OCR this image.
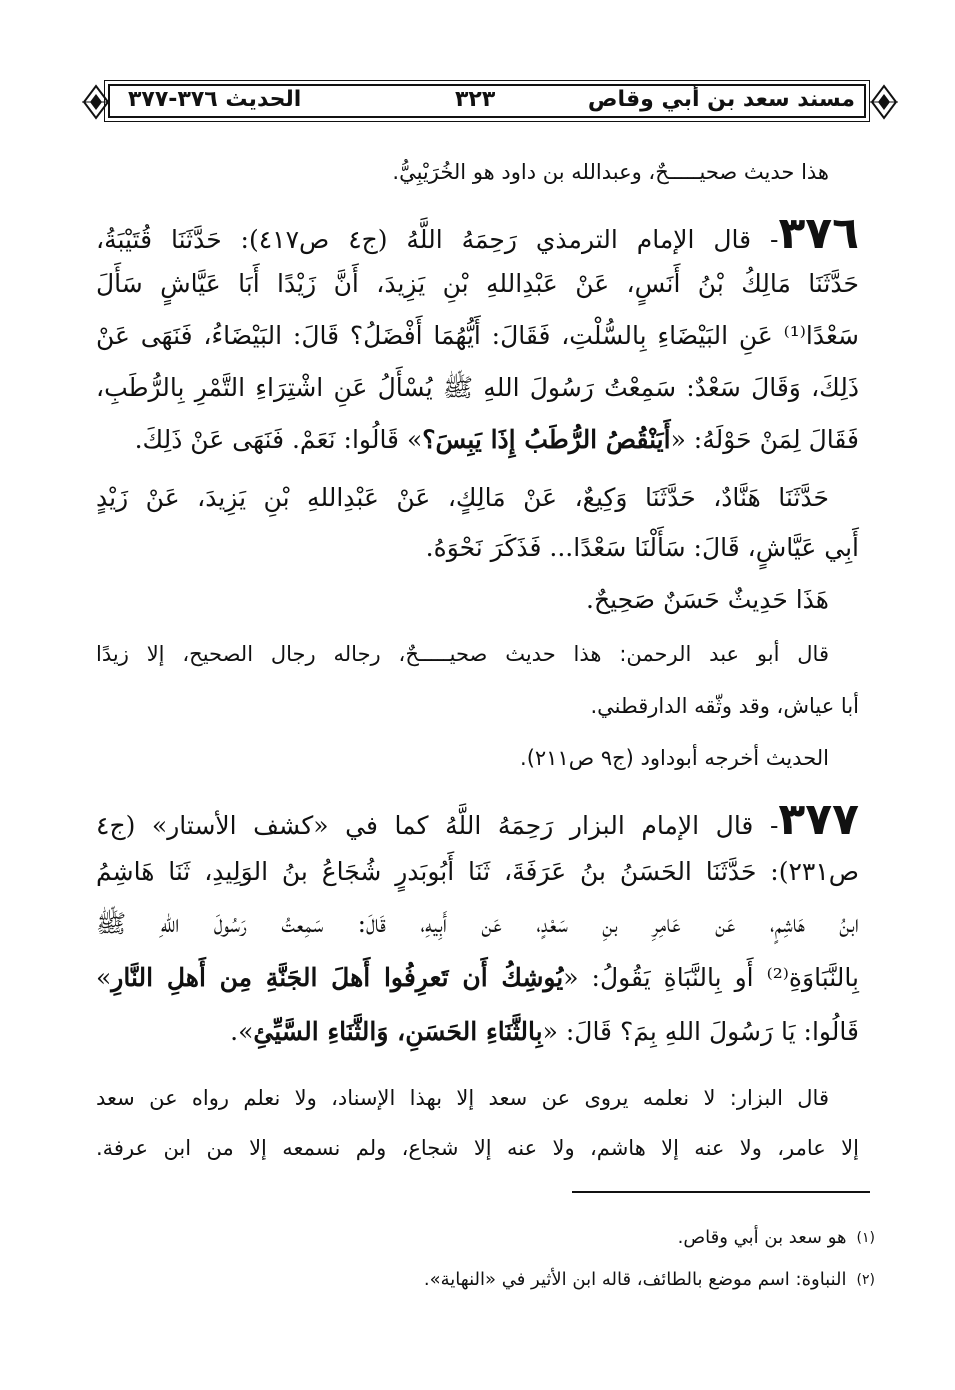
مسند سعد بن أبي وقاص
٣٢٣
الحديث ٣٧٦-٣٧٧
هذا حديث صحيـــــحٌ، وعبدالله بن داود هو الخُرَيْبِيُّ.
٣٧٦- قال الإمام الترمذي رَحِمَهُ اللَّهُ (ج٤ ص٤١٧): حَدَّثَنَا قُتَيْبَةُ،
حَدَّثَنَا مَالِكُ بْنُ أَنَسٍ، عَنْ عَبْدِاللهِ بْنِ يَزِيدَ، أَنَّ زَيْدًا أَبَا عَيَّاشٍ سَأَلَ
سَعْدًا⁽¹⁾ عَنِ البَيْضَاءِ بِالسُّلْتِ، فَقَالَ: أَيُّهُمَا أَفْضَلُ؟ قَالَ: البَيْضَاءُ، فَنَهَى عَنْ
ذَلِكَ، وَقَالَ سَعْدٌ: سَمِعْتُ رَسُولَ اللهِ ﷺ يُسْأَلُ عَنِ اشْتِرَاءِ التَّمْرِ بِالرُّطَبِ،
فَقَالَ لِمَنْ حَوْلَهُ: «أَيَنْقُصُ الرُّطَبُ إِذَا يَبِسَ؟» قَالُوا: نَعَمْ. فَنَهَى عَنْ ذَلِكَ.
حَدَّثَنَا هَنَّادٌ، حَدَّثَنَا وَكِيعٌ، عَنْ مَالِكٍ، عَنْ عَبْدِاللهِ بْنِ يَزِيدَ، عَنْ زَيْدٍ
أَبِي عَيَّاشٍ، قَالَ: سَأَلْنَا سَعْدًا... فَذَكَرَ نَحْوَهُ.
هَذَا حَدِيثٌ حَسَنٌ صَحِيحٌ.
قال أبو عبد الرحمن: هذا حديث صحيـــــحٌ، رجاله رجال الصحيح، إلا زيدًا
أبا عياش، وقد وثّقه الدارقطني.
الحديث أخرجه أبوداود (ج٩ ص٢١١).
٣٧٧- قال الإمام البزار رَحِمَهُ اللَّهُ كما في «كشف الأستار» (ج٤
ص٢٣١): حَدَّثَنَا الحَسَنُ بنُ عَرَفَةَ، ثَنَا أَبُوبَدرٍ شُجَاعُ بنُ الوَلِيدِ، ثَنَا هَاشِمُ
ابنُ هَاشِمٍ، عَن عَامِرِ بنِ سَعْدٍ، عَن أَبِيهِ، قَالَ: سَمِعتُ رَسُولَ اللهِ ﷺ
بِالنَّبَاوَةِ⁽²⁾ أَو بِالنَّبَاةِ يَقُولُ: «يُوشِكُ أَن تَعرِفُوا أَهلَ الجَنَّةِ مِن أَهلِ النَّارِ»
قَالُوا: يَا رَسُولَ اللهِ بِمَ؟ قَالَ: «بِالثَّنَاءِ الحَسَنِ، وَالثَّنَاءِ السَّيِّئِ».
قال البزار: لا نعلمه يروى عن سعد إلا بهذا الإسناد، ولا نعلم رواه عن سعد
إلا عامر، ولا عنه إلا هاشم، ولا عنه إلا شجاع، ولم نسمعه إلا من ابن عرفة.
$^{(١)}$هو سعد بن أبي وقاص.
$^{(٢)}$النباوة: اسم موضع بالطائف، قاله ابن الأثير في «النهاية».
